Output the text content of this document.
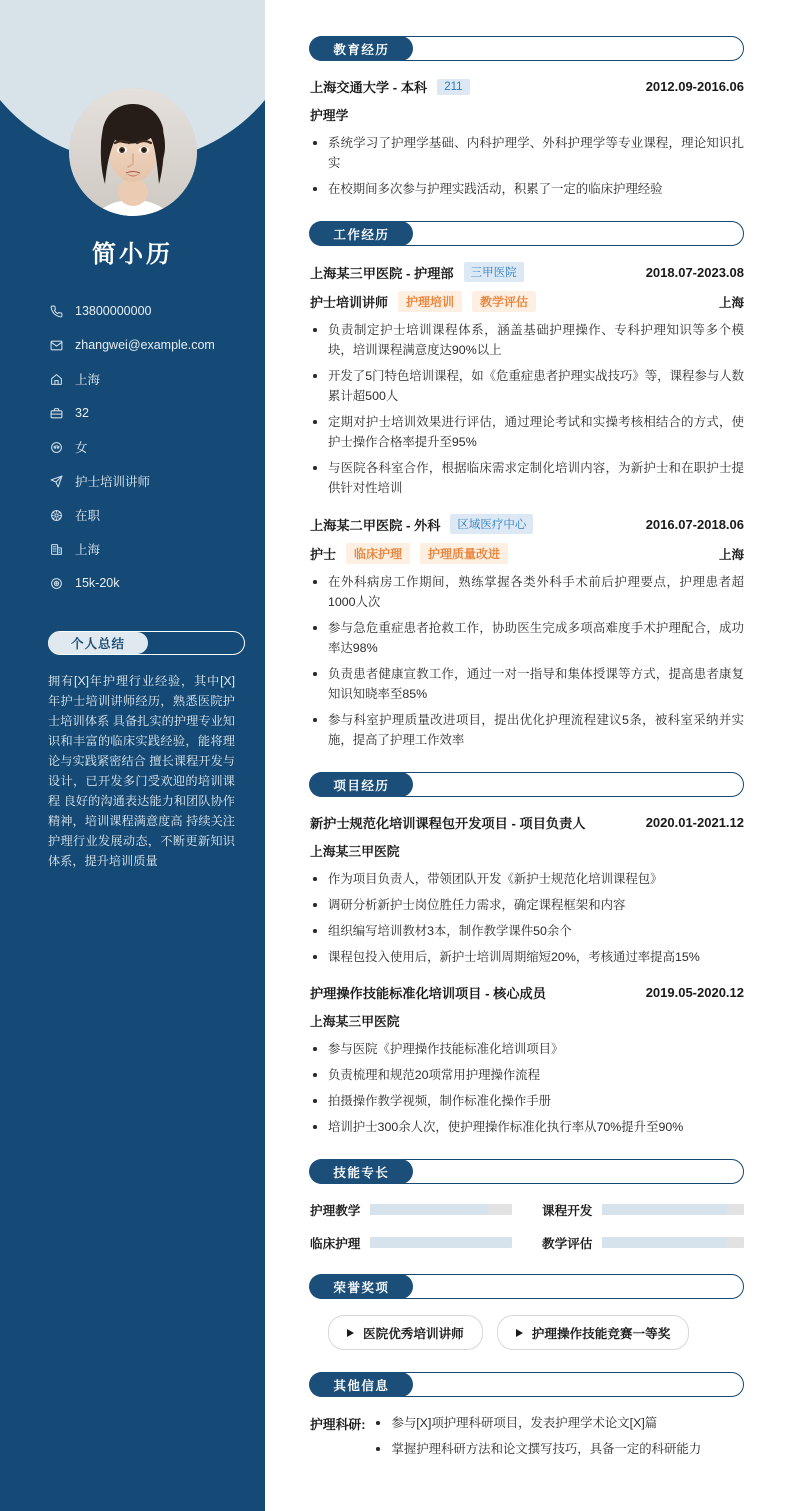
简小历
13800000000
zhangwei@example.com
上海
32
女
护士培训讲师
在职
上海
15k-20k
个人总结

拥有[X]年护理行业经验，其中[X]年护士培训讲师经历，熟悉医院护士培训体系 具备扎实的护理专业知识和丰富的临床实践经验，能将理论与实践紧密结合 擅长课程开发与设计，已开发多门受欢迎的培训课程 良好的沟通表达能力和团队协作精神，培训课程满意度高 持续关注护理行业发展动态，不断更新知识体系，提升培训质量

教育经历
上海交通大学 - 本科	211	2012.09-2016.06
护理学
系统学习了护理学基础、内科护理学、外科护理学等专业课程，理论知识扎实
在校期间多次参与护理实践活动，积累了一定的临床护理经验
工作经历
上海某三甲医院 - 护理部	三甲医院	2018.07-2023.08
护士培训讲师	护理培训	教学评估	上海
负责制定护士培训课程体系，涵盖基础护理操作、专科护理知识等多个模块，培训课程满意度达90%以上
开发了5门特色培训课程，如《危重症患者护理实战技巧》等，课程参与人数累计超500人
定期对护士培训效果进行评估，通过理论考试和实操考核相结合的方式，使护士操作合格率提升至95%
与医院各科室合作，根据临床需求定制化培训内容，为新护士和在职护士提供针对性培训
上海某二甲医院 - 外科	区域医疗中心	2016.07-2018.06
护士	临床护理	护理质量改进	上海
在外科病房工作期间，熟练掌握各类外科手术前后护理要点，护理患者超1000人次
参与急危重症患者抢救工作，协助医生完成多项高难度手术护理配合，成功率达98%
负责患者健康宣教工作，通过一对一指导和集体授课等方式，提高患者康复知识知晓率至85%
参与科室护理质量改进项目，提出优化护理流程建议5条，被科室采纳并实施，提高了护理工作效率
项目经历
新护士规范化培训课程包开发项目 - 项目负责人	2020.01-2021.12
上海某三甲医院
作为项目负责人，带领团队开发《新护士规范化培训课程包》
调研分析新护士岗位胜任力需求，确定课程框架和内容
组织编写培训教材3本，制作教学课件50余个
课程包投入使用后，新护士培训周期缩短20%，考核通过率提高15%
护理操作技能标准化培训项目 - 核心成员	2019.05-2020.12
上海某三甲医院
参与医院《护理操作技能标准化培训项目》
负责梳理和规范20项常用护理操作流程
拍摄操作教学视频，制作标准化操作手册
培训护士300余人次，使护理操作标准化执行率从70%提升至90%
技能专长
护理教学	课程开发
临床护理	教学评估
荣誉奖项
医院优秀培训讲师	护理操作技能竞赛一等奖
其他信息
护理科研:	参与[X]项护理科研项目，发表护理学术论文[X]篇
掌握护理科研方法和论文撰写技巧，具备一定的科研能力
